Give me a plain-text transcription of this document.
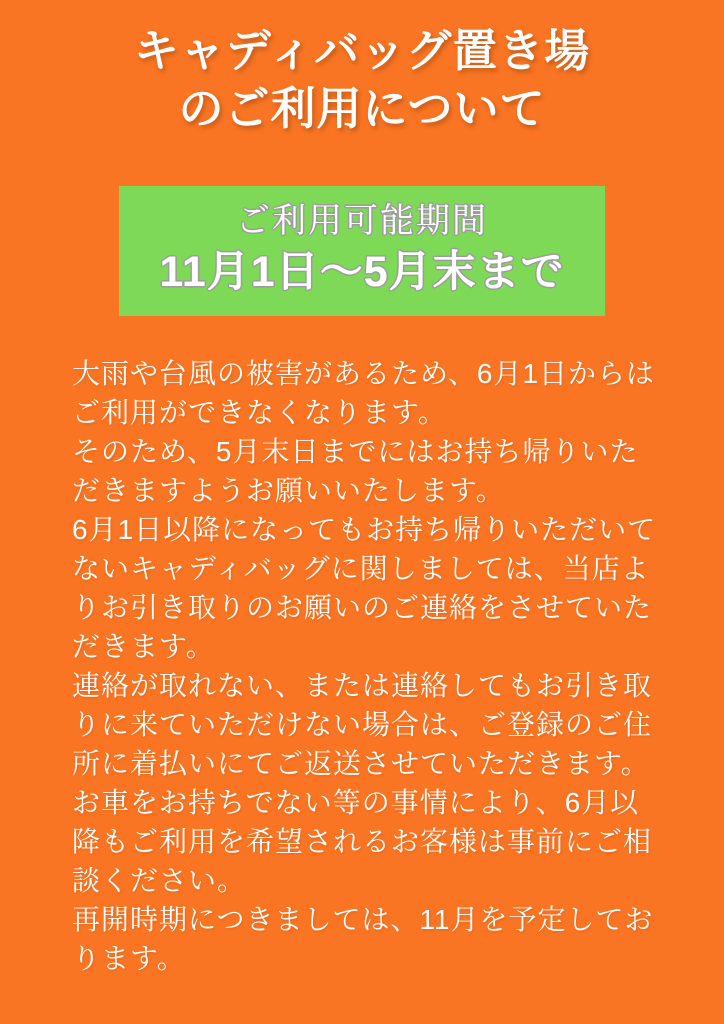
キャディバッグ置き場
のご利用について
ご利用可能期間
11月1日〜5月末まで
大雨や台風の被害があるため、6月1日からは
ご利用ができなくなります。
そのため、5月末日までにはお持ち帰りいた
だきますようお願いいたします。
6月1日以降になってもお持ち帰りいただいて
ないキャディバッグに関しましては、当店よ
りお引き取りのお願いのご連絡をさせていた
だきます。
連絡が取れない、または連絡してもお引き取
りに来ていただけない場合は、ご登録のご住
所に着払いにてご返送させていただきます。
お車をお持ちでない等の事情により、6月以
降もご利用を希望されるお客様は事前にご相
談ください。
再開時期につきましては、11月を予定してお
ります。
